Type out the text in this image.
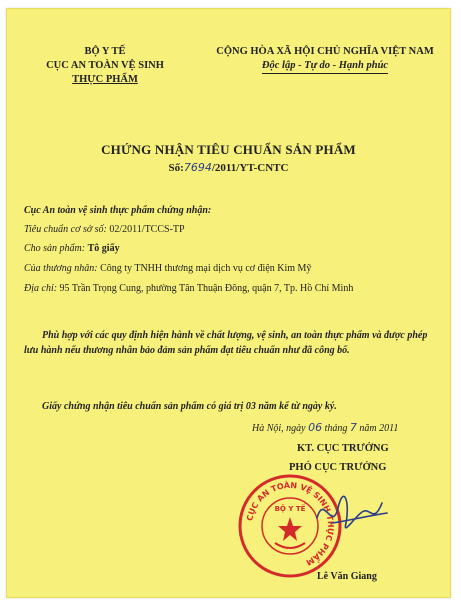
BỘ Y TẾ
CỤC AN TOÀN VỆ SINH
THỰC PHẨM
CỘNG HÒA XÃ HỘI CHỦ NGHĨA VIỆT NAM
Độc lập - Tự do - Hạnh phúc
CHỨNG NHẬN TIÊU CHUẨN SẢN PHẨM
Số:7694/2011/YT-CNTC
Cục An toàn vệ sinh thực phẩm chứng nhận:
Tiêu chuẩn cơ sở số: 02/2011/TCCS-TP
Cho sản phẩm: Tô giấy
Của thương nhân: Công ty TNHH thương mại dịch vụ cơ điện Kim Mỹ
Địa chỉ: 95 Trần Trọng Cung, phường Tân Thuận Đông, quận 7, Tp. Hồ Chí Minh
Phù hợp với các quy định hiện hành về chất lượng, vệ sinh, an toàn thực phẩm và được phép lưu hành nếu thương nhân bảo đảm sản phẩm đạt tiêu chuẩn như đã công bố.
Giấy chứng nhận tiêu chuẩn sản phẩm có giá trị 03 năm kể từ ngày ký.
Hà Nội, ngày 06 tháng 7 năm 2011
KT. CỤC TRƯỞNG
PHÓ CỤC TRƯỞNG
CỤC AN TOÀN VỆ SINH THỰC PHẨM
BỘ Y TẾ
Lê Văn Giang
